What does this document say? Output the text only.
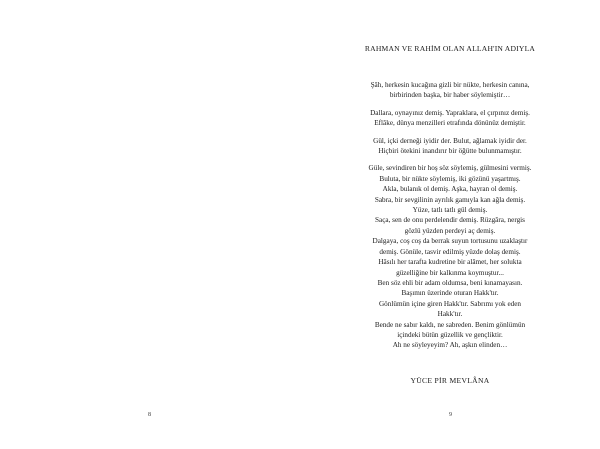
8
RAHMAN VE RAHİM OLAN ALLAH'IN ADIYLA
Şâh, herkesin kucağına gizli bir nükte, herkesin canına,
birbirinden başka, bir haber söylemiştir…
Dallara, oynayınız demiş. Yapraklara, el çırpınız demiş.
Eflâke, dünya menzilleri etrafında dönünüz demiştir.
Gül, içki derneği iyidir der. Bulut, ağlamak iyidir der.
Hiçbiri ötekini inandırır bir öğütte bulunmamıştır.
Güle, sevindiren bir hoş söz söylemiş, gülmesini vermiş.
Buluta, bir nükte söylemiş, iki gözünü yaşartmış.
Akla, bulanık ol demiş. Aşka, hayran ol demiş.
Sabra, bir sevgilinin ayrılık gamıyla kan ağla demiş.
Yüze, tatlı tatlı gül demiş.
Saça, sen de onu perdelendir demiş. Rüzgâra, nergis
gözlü yüzden perdeyi aç demiş.
Dalgaya, coş coş da berrak suyun tortusunu uzaklaştır
demiş. Gönüle, tasvir edilmiş yüzde dolaş demiş.
Hâsılı her tarafta kudretine bir alâmet, her solukta
güzelliğine bir kalkınma koymuştur...
Ben söz ehli bir adam oldumsa, beni kınamayasın.
Başımın üzerinde oturan Hakk'tır.
Gönlümün içine giren Hakk'tır. Sabrımı yok eden
Hakk'tır.
Bende ne sabır kaldı, ne sabreden. Benim gönlümün
içindeki bütün güzellik ve gençliktir.
Ah ne söyleyeyim? Ah, aşkın elinden…
YÜCE PİR MEVLÂNA
9
